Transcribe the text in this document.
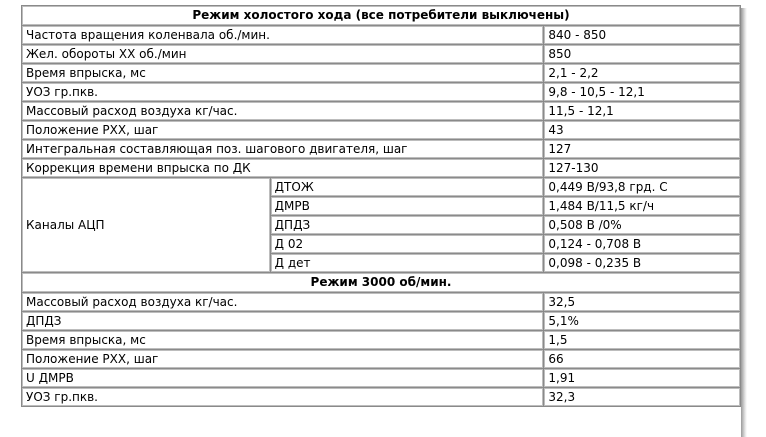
Режим холостого хода (все потребители выключены)		
Частота вращения коленвала об./мин.		840 - 850
Жел. обороты ХХ об./мин		850
Время впрыска, мс		2,1 - 2,2
УОЗ гр.пкв.		9,8 - 10,5 - 12,1
Массовый расход воздуха кг/час.		11,5 - 12,1
Положение РХХ, шаг		43
Интегральная составляющая поз. шагового двигателя, шаг		127
Коррекция времени впрыска по ДК		127-130
Каналы АЦП	ДТОЖ	0,449 В/93,8 грд. С
	ДМРВ	1,484 В/11,5 кг/ч
	ДПДЗ	0,508 В /0%
	Д 02	0,124 - 0,708 В
	Д дет	0,098 - 0,235 В
Режим 3000 об/мин.		
Массовый расход воздуха кг/час.		32,5
ДПДЗ		5,1%
Время впрыска, мс		1,5
Положение РХХ, шаг		66
U ДМРВ		1,91
УОЗ гр.пкв.		32,3
